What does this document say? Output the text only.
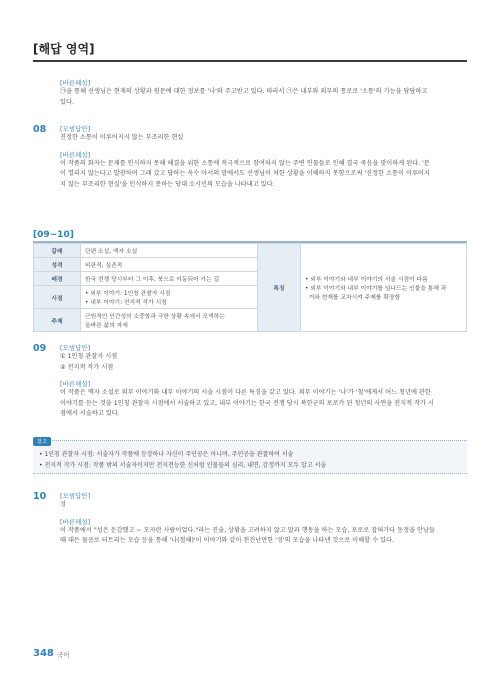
[해답 영역]
[바른해설]
㉠을 통해 선생님은 현재의 상황과 원문에 대한 정보를 '나'와 주고받고 있다. 따라서 ㉠은 내부와 외부의 통로로 '소통'의 기능을 담당하고
있다.
08 [모범답안]
진정한 소통이 이루어지지 않는 부조리한 현실
[바른해설]
이 작품의 화자는 문제를 인식하지 못해 해결을 위한 소통에 적극적으로 참여하지 않는 주변 인물들로 인해 결국 죽음을 맞이하게 된다. '문
이 열리지 않는다고 발광하며 그래 갔고 답하는 옥수 아서의 말에서도 선생님이 처한 상황을 이해하지 못함으로써 '진정한 소통이 이루어지
지 않는 부조리한 현실'을 인식하지 못하는 당대 소시민의 모습을 나타내고 있다.
[09~10]
갈래	단편 소설, 액자 소설	특징	• 외부 이야기와 내부 이야기의 서술 시점이 다름
• 외부 이야기와 내부 이야기를 넘나드는 인물을 통해 과
거와 현재를 교차시켜 주제를 확장함

성격	비판적, 실존적		
배경	한국 전쟁 당시부터 그 이후, 북으로 이동되어 가는 길		
시점	• 외부 이야기: 1인칭 관찰자 시점
• 내부 이야기: 전지적 작가 시점		
주제	근원적인 인간성의 소중함과 극한 상황 속에서 모색하는
올바른 삶의 자세		
09 [모범답안]
① 1인칭 관찰자 시점
② 전지적 작가 시점
[바른해설]
이 작품은 액자 소설로 외부 이야기와 내부 이야기의 서술 시점이 다른 특징을 갖고 있다. 외부 이야기는 '나'가 '철'에게서 어느 청년에 관한
이야기를 듣는 것을 1인칭 관찰자 시점에서 서술하고 있고, 내부 이야기는 한국 전쟁 당시 북한군의 포로가 된 청년의 사연을 전지적 작가 시
점에서 서술하고 있다.
참고
• 1인칭 관찰자 시점: 서술자가 작품에 등장하나 자신이 주인공은 아니며, 주인공을 관찰하여 서술
• 전지적 작가 시점: 작품 밖의 서술자이지만 전지전능한 신처럼 인물들의 심리, 내면, 감정까지 모두 알고 서술
10 [모범답안]
성
[바른해설]
이 작품에서 "성은 둔감했고 ~ 모자란 사람이었다."라는 진술, 상황을 고려하지 않고 말과 행동을 하는 모습, 포로로 잡혀가다 동정을 안남들
때 대든 물음로 터트리는 모습 등을 통해 '나(철해)'이 이야기와 같이 천진난만한 '성'의 모습을 나타낸 것으로 이해할 수 있다.
348 국어
